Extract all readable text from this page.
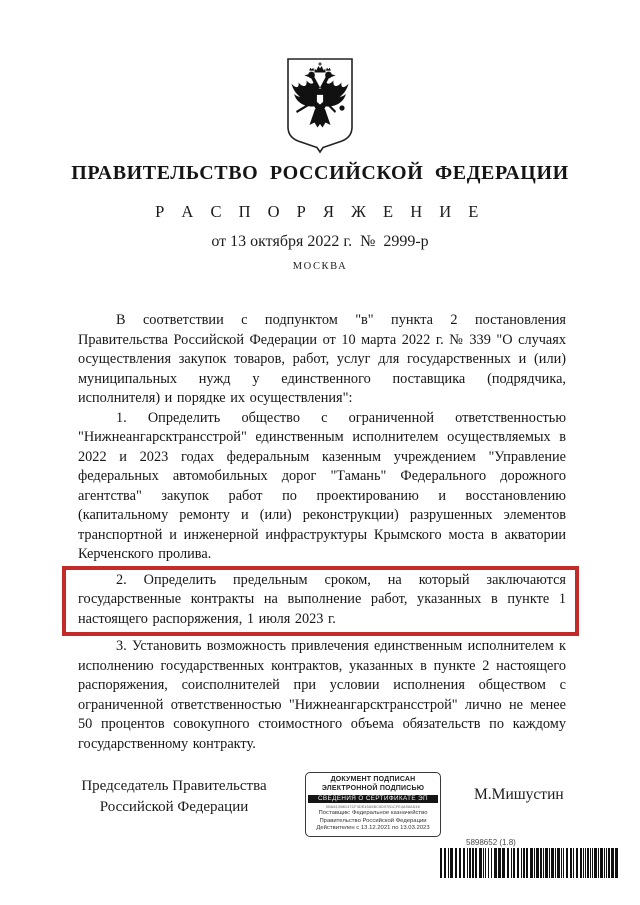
ПРАВИТЕЛЬСТВО РОССИЙСКОЙ ФЕДЕРАЦИИ
Р А С П О Р Я Ж Е Н И Е
от 13 октября 2022 г.  №  2999-р
МОСКВА

В соответствии с подпунктом "в" пункта 2 постановления Правительства Российской Федерации от 10 марта 2022 г. № 339 "О случаях осуществления закупок товаров, работ, услуг для государственных и (или) муниципальных нужд у единственного поставщика (подрядчика, исполнителя) и порядке их осуществления":

1. Определить общество с ограниченной ответственностью "Нижнеангарсктрансстрой" единственным исполнителем осуществляемых в 2022 и 2023 годах федеральным казенным учреждением "Управление федеральных автомобильных дорог "Тамань" Федерального дорожного агентства" закупок работ по проектированию и восстановлению (капитальному ремонту и (или) реконструкции) разрушенных элементов транспортной и инженерной инфраструктуры Крымского моста в акватории Керченского пролива.

2. Определить предельным сроком, на который заключаются государственные контракты на выполнение работ, указанных в пункте 1 настоящего распоряжения, 1 июля 2023 г.

3. Установить возможность привлечения единственным исполнителем к исполнению государственных контрактов, указанных в пункте 2 настоящего распоряжения, соисполнителей при условии исполнения обществом с ограниченной ответственностью "Нижнеангарсктрансстрой" лично не менее 50 процентов совокупного стоимостного объема обязательств по каждому государственному контракту.

Председатель Правительства
Российской Федерации
ДОКУМЕНТ ПОДПИСАН
ЭЛЕКТРОННОЙ ПОДПИСЬЮ
СВЕДЕНИЯ О СЕРТИФИКАТЕ ЭП
0BA61398D47CF3DE45A5BC5D97B1CFE4A96AD46
Поставщик: Федеральное казначейство
Правительство Российской Федерации
Действителен с 13.12.2021 по 13.03.2023
М.Мишустин
5898652 (1.8)
